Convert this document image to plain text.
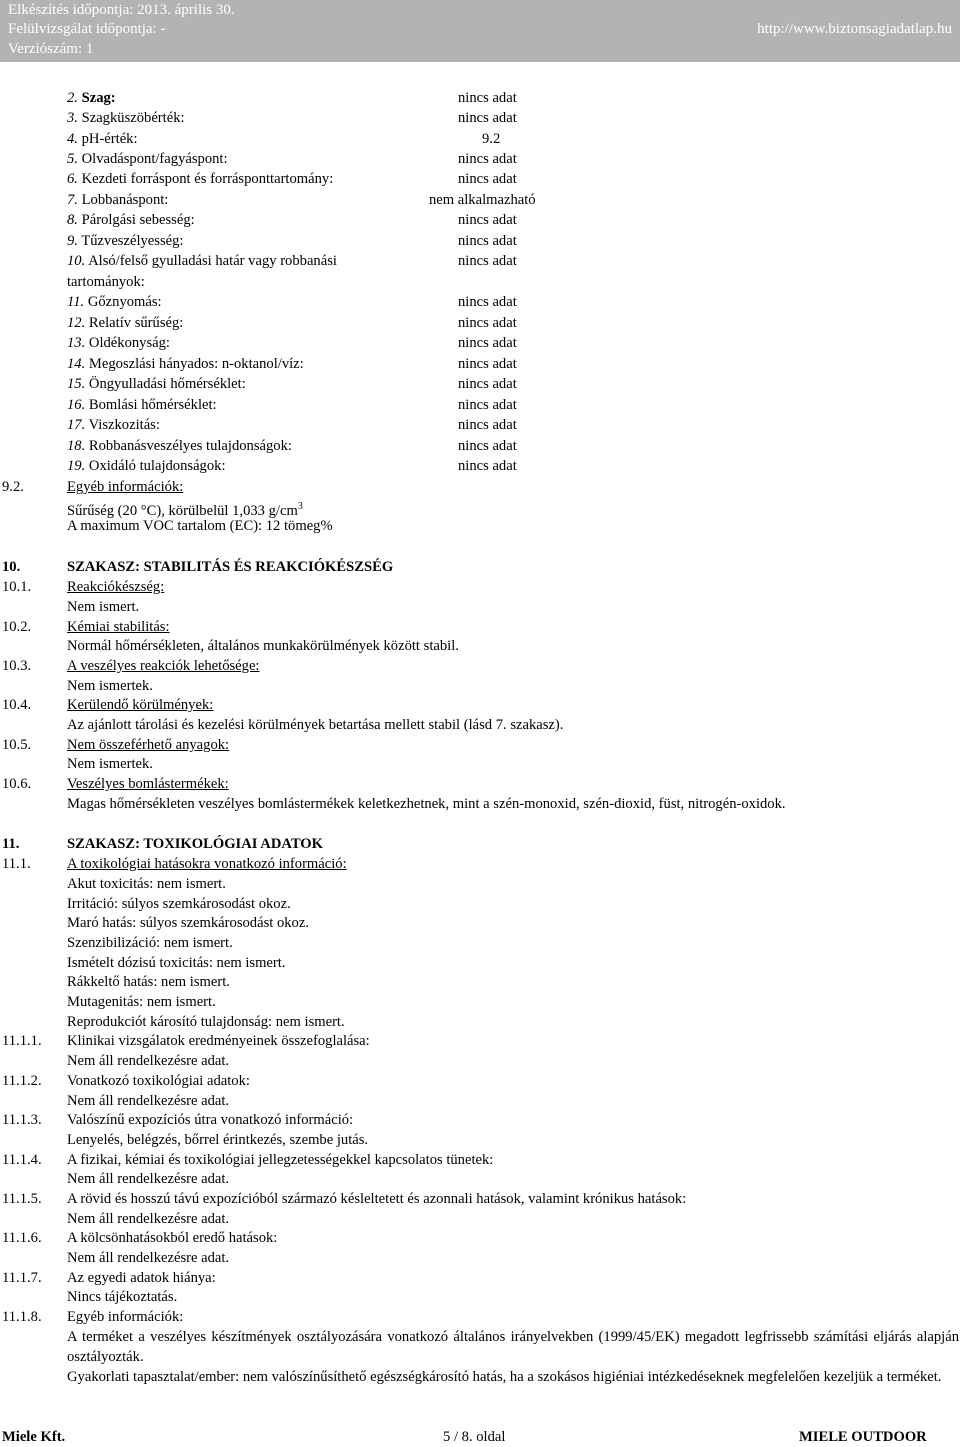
Elkészítés időpontja: 2013. április 30.
Felülvizsgálat időpontja: -
Verziószám: 1
http://www.biztonsagiadatlap.hu
2. Szag:	nincs adat
3. Szagküszöbérték:	nincs adat
4. pH-érték:	9.2
5. Olvadáspont/fagyáspont:	nincs adat
6. Kezdeti forráspont és forrásponttartomány:	nincs adat
7. Lobbanáspont:	nem alkalmazható
8. Párolgási sebesség:	nincs adat
9. Tűzveszélyesség:	nincs adat
10. Alsó/felső gyulladási határ vagy robbanási	nincs adat
tartományok:
11. Gőznyomás:	nincs adat
12. Relatív sűrűség:	nincs adat
13. Oldékonyság:	nincs adat
14. Megoszlási hányados: n-oktanol/víz:	nincs adat
15. Öngyulladási hőmérséklet:	nincs adat
16. Bomlási hőmérséklet:	nincs adat
17. Viszkozitás:	nincs adat
18. Robbanásveszélyes tulajdonságok:	nincs adat
19. Oxidáló tulajdonságok:	nincs adat
9.2.	Egyéb információk:
Sűrűség (20 °C), körülbelül 1,033 $g/cm^3$
A maximum VOC tartalom (EC): 12 tömeg%
10.	SZAKASZ: STABILITÁS ÉS REAKCIÓKÉSZSÉG
10.1. Reakciókészség:
Nem ismert.
10.2. Kémiai stabilitás:
Normál hőmérsékleten, általános munkakörülmények között stabil.
10.3. A veszélyes reakciók lehetősége:
Nem ismertek.
10.4. Kerülendő körülmények:
Az ajánlott tárolási és kezelési körülmények betartása mellett stabil (lásd 7. szakasz).
10.5. Nem összeférhető anyagok:
Nem ismertek.
10.6. Veszélyes bomlástermékek:
Magas hőmérsékleten veszélyes bomlástermékek keletkezhetnek, mint a szén-monoxid, szén-dioxid, füst, nitrogén-oxidok.
11.	SZAKASZ: TOXIKOLÓGIAI ADATOK
11.1. A toxikológiai hatásokra vonatkozó információ:
Akut toxicitás: nem ismert.
Irritáció: súlyos szemkárosodást okoz.
Maró hatás: súlyos szemkárosodást okoz.
Szenzibilizáció: nem ismert.
Ismételt dózisú toxicitás: nem ismert.
Rákkeltő hatás: nem ismert.
Mutagenitás: nem ismert.
Reprodukciót károsító tulajdonság: nem ismert.
11.1.1. Klinikai vizsgálatok eredményeinek összefoglalása:
Nem áll rendelkezésre adat.
11.1.2. Vonatkozó toxikológiai adatok:
Nem áll rendelkezésre adat.
11.1.3. Valószínű expozíciós útra vonatkozó információ:
Lenyelés, belégzés, bőrrel érintkezés, szembe jutás.
11.1.4. A fizikai, kémiai és toxikológiai jellegzetességekkel kapcsolatos tünetek:
Nem áll rendelkezésre adat.
11.1.5. A rövid és hosszú távú expozícióból származó késleltetett és azonnali hatások, valamint krónikus hatások:
Nem áll rendelkezésre adat.
11.1.6. A kölcsönhatásokból eredő hatások:
Nem áll rendelkezésre adat.
11.1.7. Az egyedi adatok hiánya:
Nincs tájékoztatás.
11.1.8. Egyéb információk:
A terméket a veszélyes készítmények osztályozására vonatkozó általános irányelvekben (1999/45/EK) megadott legfrissebb számítási eljárás alapján osztályozták.
Gyakorlati tapasztalat/ember: nem valószínűsíthető egészségkárosító hatás, ha a szokásos higiéniai intézkedéseknek megfelelően kezeljük a terméket.
Miele Kft.	5 / 8. oldal	MIELE OUTDOOR
